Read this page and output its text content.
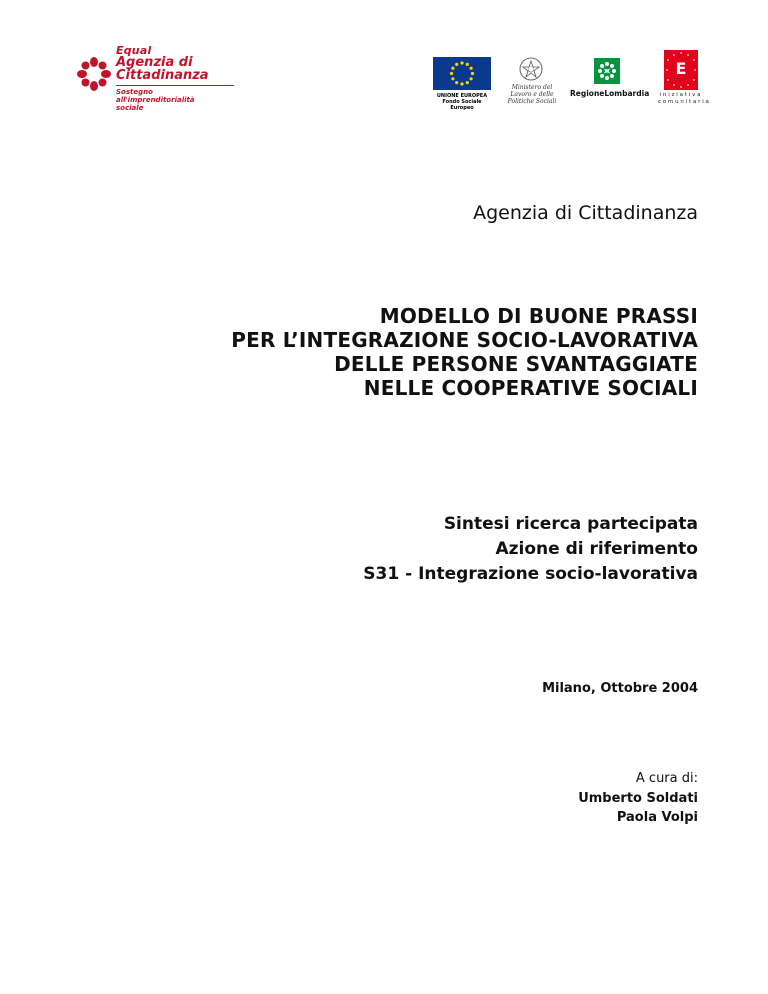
Equal
Agenzia di Cittadinanza
Sostegno all'imprenditorialità sociale
UNIONE EUROPEA Fondo Sociale Europeo
Ministero del Lavoro e delle Politiche Sociali
RegioneLombardia
E
iniziativa comunitaria
Agenzia di Cittadinanza
MODELLO DI BUONE PRASSI
PER L’INTEGRAZIONE SOCIO-LAVORATIVA
DELLE PERSONE SVANTAGGIATE
NELLE COOPERATIVE SOCIALI
Sintesi ricerca partecipata
Azione di riferimento
S31 - Integrazione socio-lavorativa
Milano, Ottobre 2004
A cura di:
Umberto Soldati
Paola Volpi
